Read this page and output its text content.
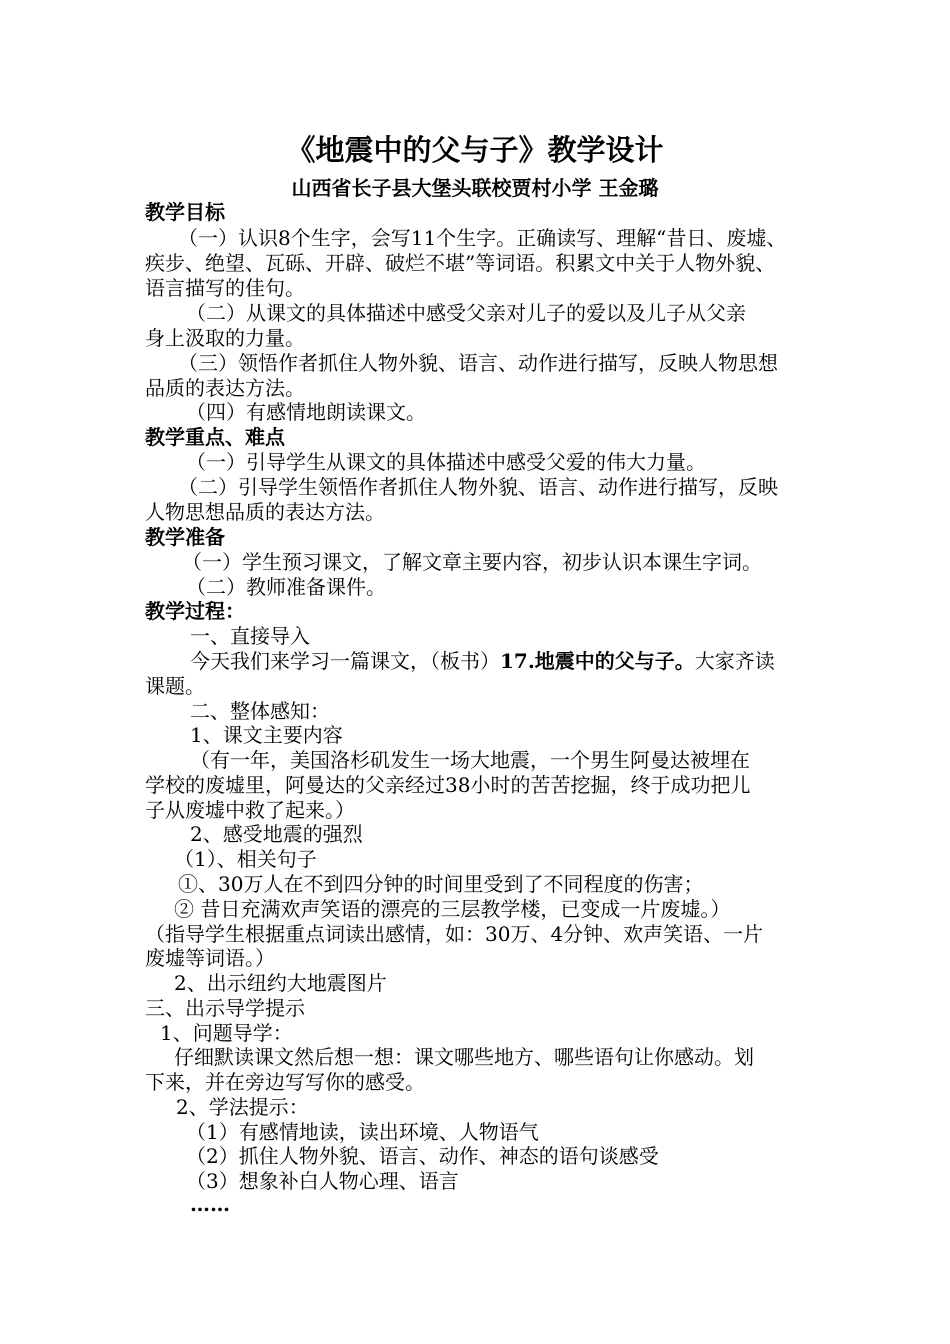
《地震中的父与子》教学设计
山西省长子县大堡头联校贾村小学 王金璐
教学目标
（一）认识8个生字，会写11个生字。正确读写、理解“昔日、废墟、
疾步、绝望、瓦砾、开辟、破烂不堪”等词语。积累文中关于人物外貌、
语言描写的佳句。
（二）从课文的具体描述中感受父亲对儿子的爱以及儿子从父亲
身上汲取的力量。
（三）领悟作者抓住人物外貌、语言、动作进行描写，反映人物思想
品质的表达方法。
（四）有感情地朗读课文。
教学重点、难点
（一）引导学生从课文的具体描述中感受父爱的伟大力量。
（二）引导学生领悟作者抓住人物外貌、语言、动作进行描写，反映
人物思想品质的表达方法。
教学准备
（一）学生预习课文，了解文章主要内容，初步认识本课生字词。
（二）教师准备课件。
教学过程：
一、直接导入
今天我们来学习一篇课文，（板书）17.地震中的父与子。大家齐读
课题。
二、整体感知：
1、课文主要内容
（有一年，美国洛杉矶发生一场大地震，一个男生阿曼达被埋在
学校的废墟里，阿曼达的父亲经过38小时的苦苦挖掘，终于成功把儿
子从废墟中救了起来。）
2、感受地震的强烈
（1）、相关句子
①、30万人在不到四分钟的时间里受到了不同程度的伤害；
② 昔日充满欢声笑语的漂亮的三层教学楼，已变成一片废墟。）
（指导学生根据重点词读出感情，如：30万、4分钟、欢声笑语、一片
废墟等词语。）
2、出示纽约大地震图片
三、出示导学提示
1、问题导学：
仔细默读课文然后想一想：课文哪些地方、哪些语句让你感动。划
下来，并在旁边写写你的感受。
2、学法提示：
（1）有感情地读，读出环境、人物语气
（2）抓住人物外貌、语言、动作、神态的语句谈感受
（3）想象补白人物心理、语言
……
